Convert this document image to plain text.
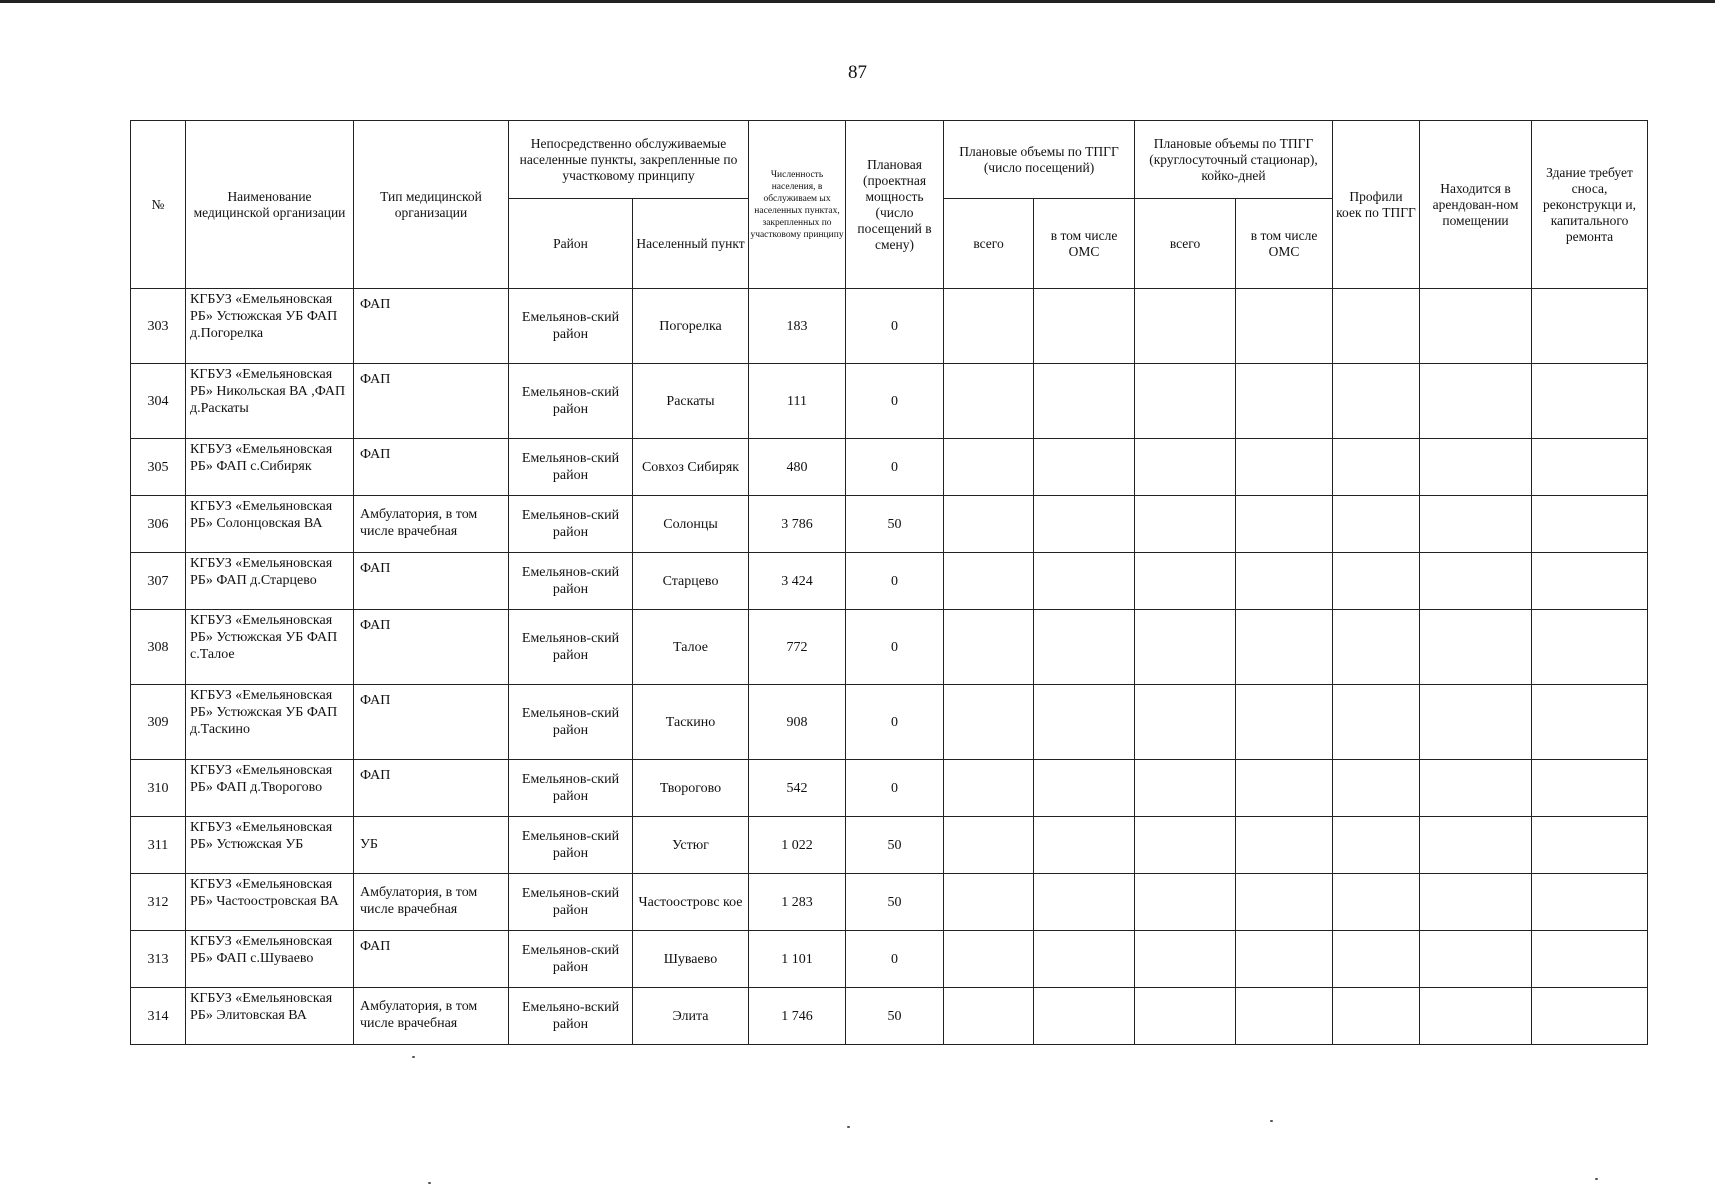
87
№	Наименование медицинской организации	Тип медицинской организации	Непосредственно обслуживаемые населенные пункты, закрепленные по участковому принципу		Численность населения, в обслуживаем ых населенных пунктах, закрепленных по участковому принципу	Плановая (проектная мощность (число посещений в смену)	Плановые объемы по ТПГГ (число посещений)		Плановые объемы по ТПГГ (круглосуточный стационар), койко-дней		Профили коек по ТПГГ	Находится в арендован-ном помещении	Здание требует сноса, реконструкци и, капитального ремонта
			Район	Населенный пункт			всего	в том числе ОМС	всего	в том числе ОМС			
303	КГБУЗ «Емельяновская РБ» Устюжская УБ ФАП д.Погорелка	ФАП	Емельянов-ский район	Погорелка	183	0							
304	КГБУЗ «Емельяновская РБ» Никольская ВА ,ФАП д.Раскаты	ФАП	Емельянов-ский район	Раскаты	111	0							
305	КГБУЗ «Емельяновская РБ» ФАП с.Сибиряк	ФАП	Емельянов-ский район	Совхоз Сибиряк	480	0							
306	КГБУЗ «Емельяновская РБ» Солонцовская ВА	Амбулатория, в том числе врачебная	Емельянов-ский район	Солонцы	3 786	50							
307	КГБУЗ «Емельяновская РБ» ФАП д.Старцево	ФАП	Емельянов-ский район	Старцево	3 424	0							
308	КГБУЗ «Емельяновская РБ» Устюжская УБ ФАП с.Талое	ФАП	Емельянов-ский район	Талое	772	0							
309	КГБУЗ «Емельяновская РБ» Устюжская УБ ФАП д.Таскино	ФАП	Емельянов-ский район	Таскино	908	0							
310	КГБУЗ «Емельяновская РБ» ФАП д.Творогово	ФАП	Емельянов-ский район	Творогово	542	0							
311	КГБУЗ «Емельяновская РБ» Устюжская УБ	УБ	Емельянов-ский район	Устюг	1 022	50							
312	КГБУЗ «Емельяновская РБ» Частоостровская ВА	Амбулатория, в том числе врачебная	Емельянов-ский район	Частоостровс кое	1 283	50							
313	КГБУЗ «Емельяновская РБ» ФАП с.Шуваево	ФАП	Емельянов-ский район	Шуваево	1 101	0							
314	КГБУЗ «Емельяновская РБ» Элитовская ВА	Амбулатория, в том числе врачебная	Емельяно-вский район	Элита	1 746	50							
